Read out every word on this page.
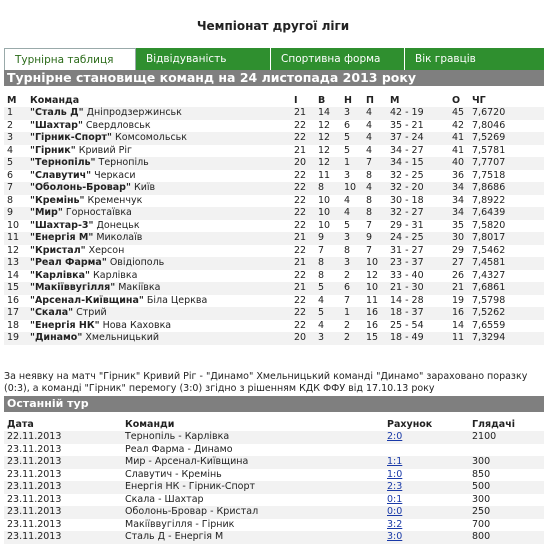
Чемпіонат другої ліги
Турнірна таблиця	Відвідуваність	Спортивна форма	Вік гравців
Турнірне становище команд на 24 листопада 2013 року
М	Команда	І	В	Н	П	М	О	ЧГ
1	"Сталь Д" Дніпродзержинськ	21	14	3	4	42 - 19	45	7,6720
2	"Шахтар" Свердловськ	22	12	6	4	35 - 21	42	7,8046
3	"Гірник-Спорт" Комсомольськ	22	12	5	4	37 - 24	41	7,5269
4	"Гірник" Кривий Ріг	21	12	5	4	34 - 27	41	7,5781
5	"Тернопіль" Тернопіль	20	12	1	7	34 - 15	40	7,7707
6	"Славутич" Черкаси	22	11	3	8	32 - 25	36	7,7518
7	"Оболонь-Бровар" Київ	22	8	10	4	32 - 20	34	7,8686
8	"Кремінь" Кременчук	22	10	4	8	30 - 18	34	7,8922
9	"Мир" Горностаївка	22	10	4	8	32 - 27	34	7,6439
10	"Шахтар-3" Донецьк	22	10	5	7	29 - 31	35	7,5820
11	"Енергія М" Миколаїв	21	9	3	9	24 - 25	30	7,8017
12	"Кристал" Херсон	22	7	8	7	31 - 27	29	7,5462
13	"Реал Фарма" Овідіополь	21	8	3	10	23 - 37	27	7,4581
14	"Карлівка" Карлівка	22	8	2	12	33 - 40	26	7,4327
15	"Макіїввугілля" Макіївка	21	5	6	10	21 - 30	21	7,6861
16	"Арсенал-Київщина" Біла Церква	22	4	7	11	14 - 28	19	7,5798
17	"Скала" Стрий	22	5	1	16	18 - 37	16	7,5262
18	"Енергія НК" Нова Каховка	22	4	2	16	25 - 54	14	7,6559
19	"Динамо" Хмельницький	20	3	2	15	18 - 49	11	7,3294
За неявку на матч "Гірник" Кривий Ріг - "Динамо" Хмельницький команді "Динамо" зараховано поразку (0:3), а команді "Гірник" перемогу (3:0) згідно з рішенням КДК ФФУ від 17.10.13 року
Останній тур
Дата	Команди	Рахунок	Глядачі
22.11.2013	Тернопіль - Карлівка	2:0	2100
23.11.2013	Реал Фарма - Динамо		
23.11.2013	Мир - Арсенал-Київщина	1:1	300
23.11.2013	Славутич - Кремінь	1:0	850
23.11.2013	Енергія НК - Гірник-Спорт	2:3	500
23.11.2013	Скала - Шахтар	0:1	300
23.11.2013	Оболонь-Бровар - Кристал	0:0	250
23.11.2013	Макіїввугілля - Гірник	3:2	700
23.11.2013	Сталь Д - Енергія М	3:0	800
